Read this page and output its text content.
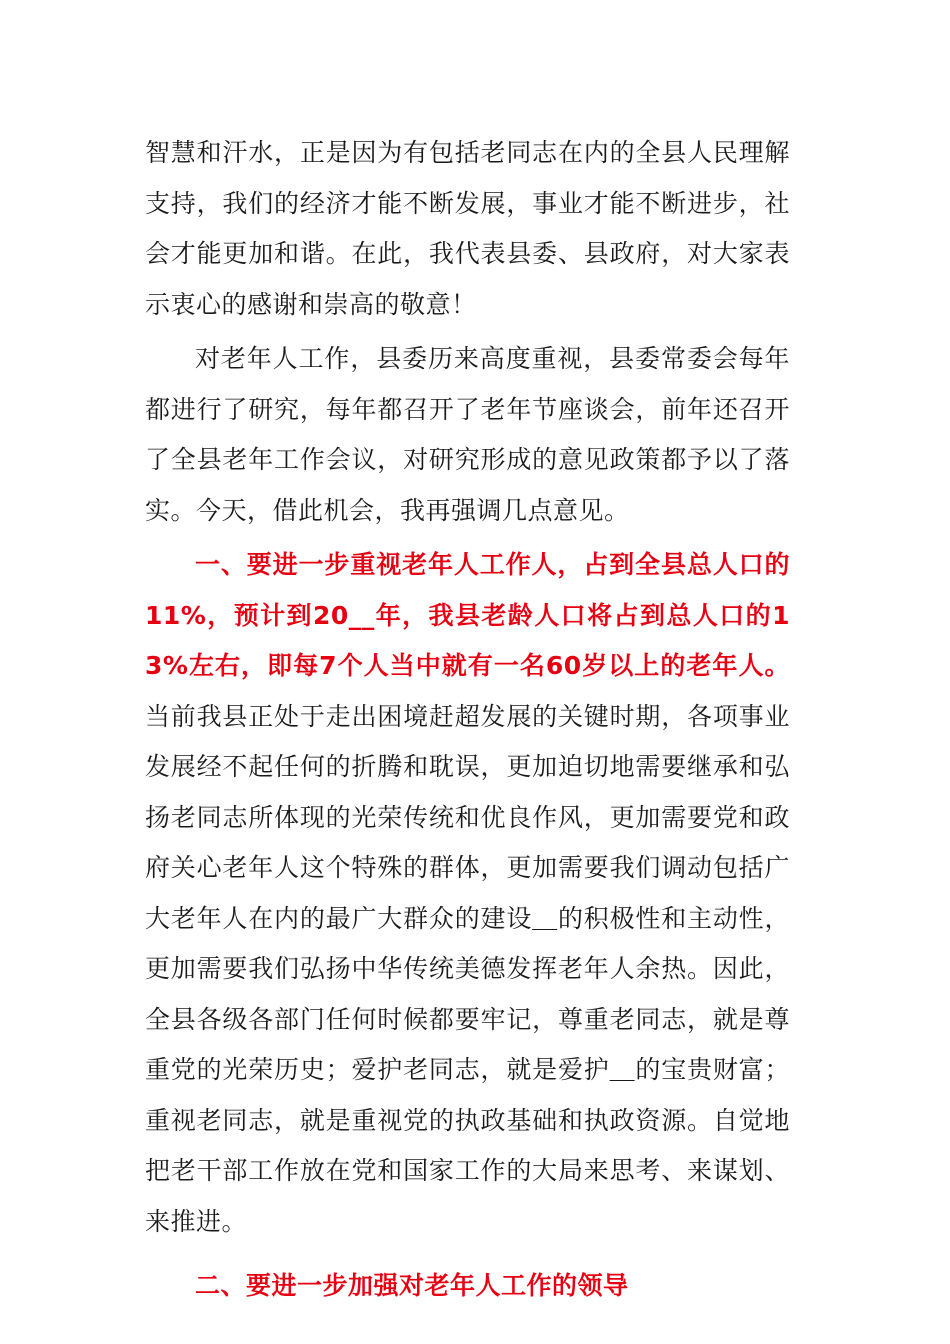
智慧和汗水，正是因为有包括老同志在内的全县人民理解支持，我们的经济才能不断发展，事业才能不断进步，社会才能更加和谐。在此，我代表县委、县政府，对大家表示衷心的感谢和崇高的敬意！

对老年人工作，县委历来高度重视，县委常委会每年都进行了研究，每年都召开了老年节座谈会，前年还召开了全县老年工作会议，对研究形成的意见政策都予以了落实。今天，借此机会，我再强调几点意见。

一、要进一步重视老年人工作人，占到全县总人口的11%，预计到20__年，我县老龄人口将占到总人口的13%左右，即每7个人当中就有一名60岁以上的老年人。当前我县正处于走出困境赶超发展的关键时期，各项事业发展经不起任何的折腾和耽误，更加迫切地需要继承和弘扬老同志所体现的光荣传统和优良作风，更加需要党和政府关心老年人这个特殊的群体，更加需要我们调动包括广大老年人在内的最广大群众的建设＿的积极性和主动性，更加需要我们弘扬中华传统美德发挥老年人余热。因此，全县各级各部门任何时候都要牢记，尊重老同志，就是尊重党的光荣历史；爱护老同志，就是爱护＿的宝贵财富；重视老同志，就是重视党的执政基础和执政资源。自觉地把老干部工作放在党和国家工作的大局来思考、来谋划、来推进。

二、要进一步加强对老年人工作的领导
